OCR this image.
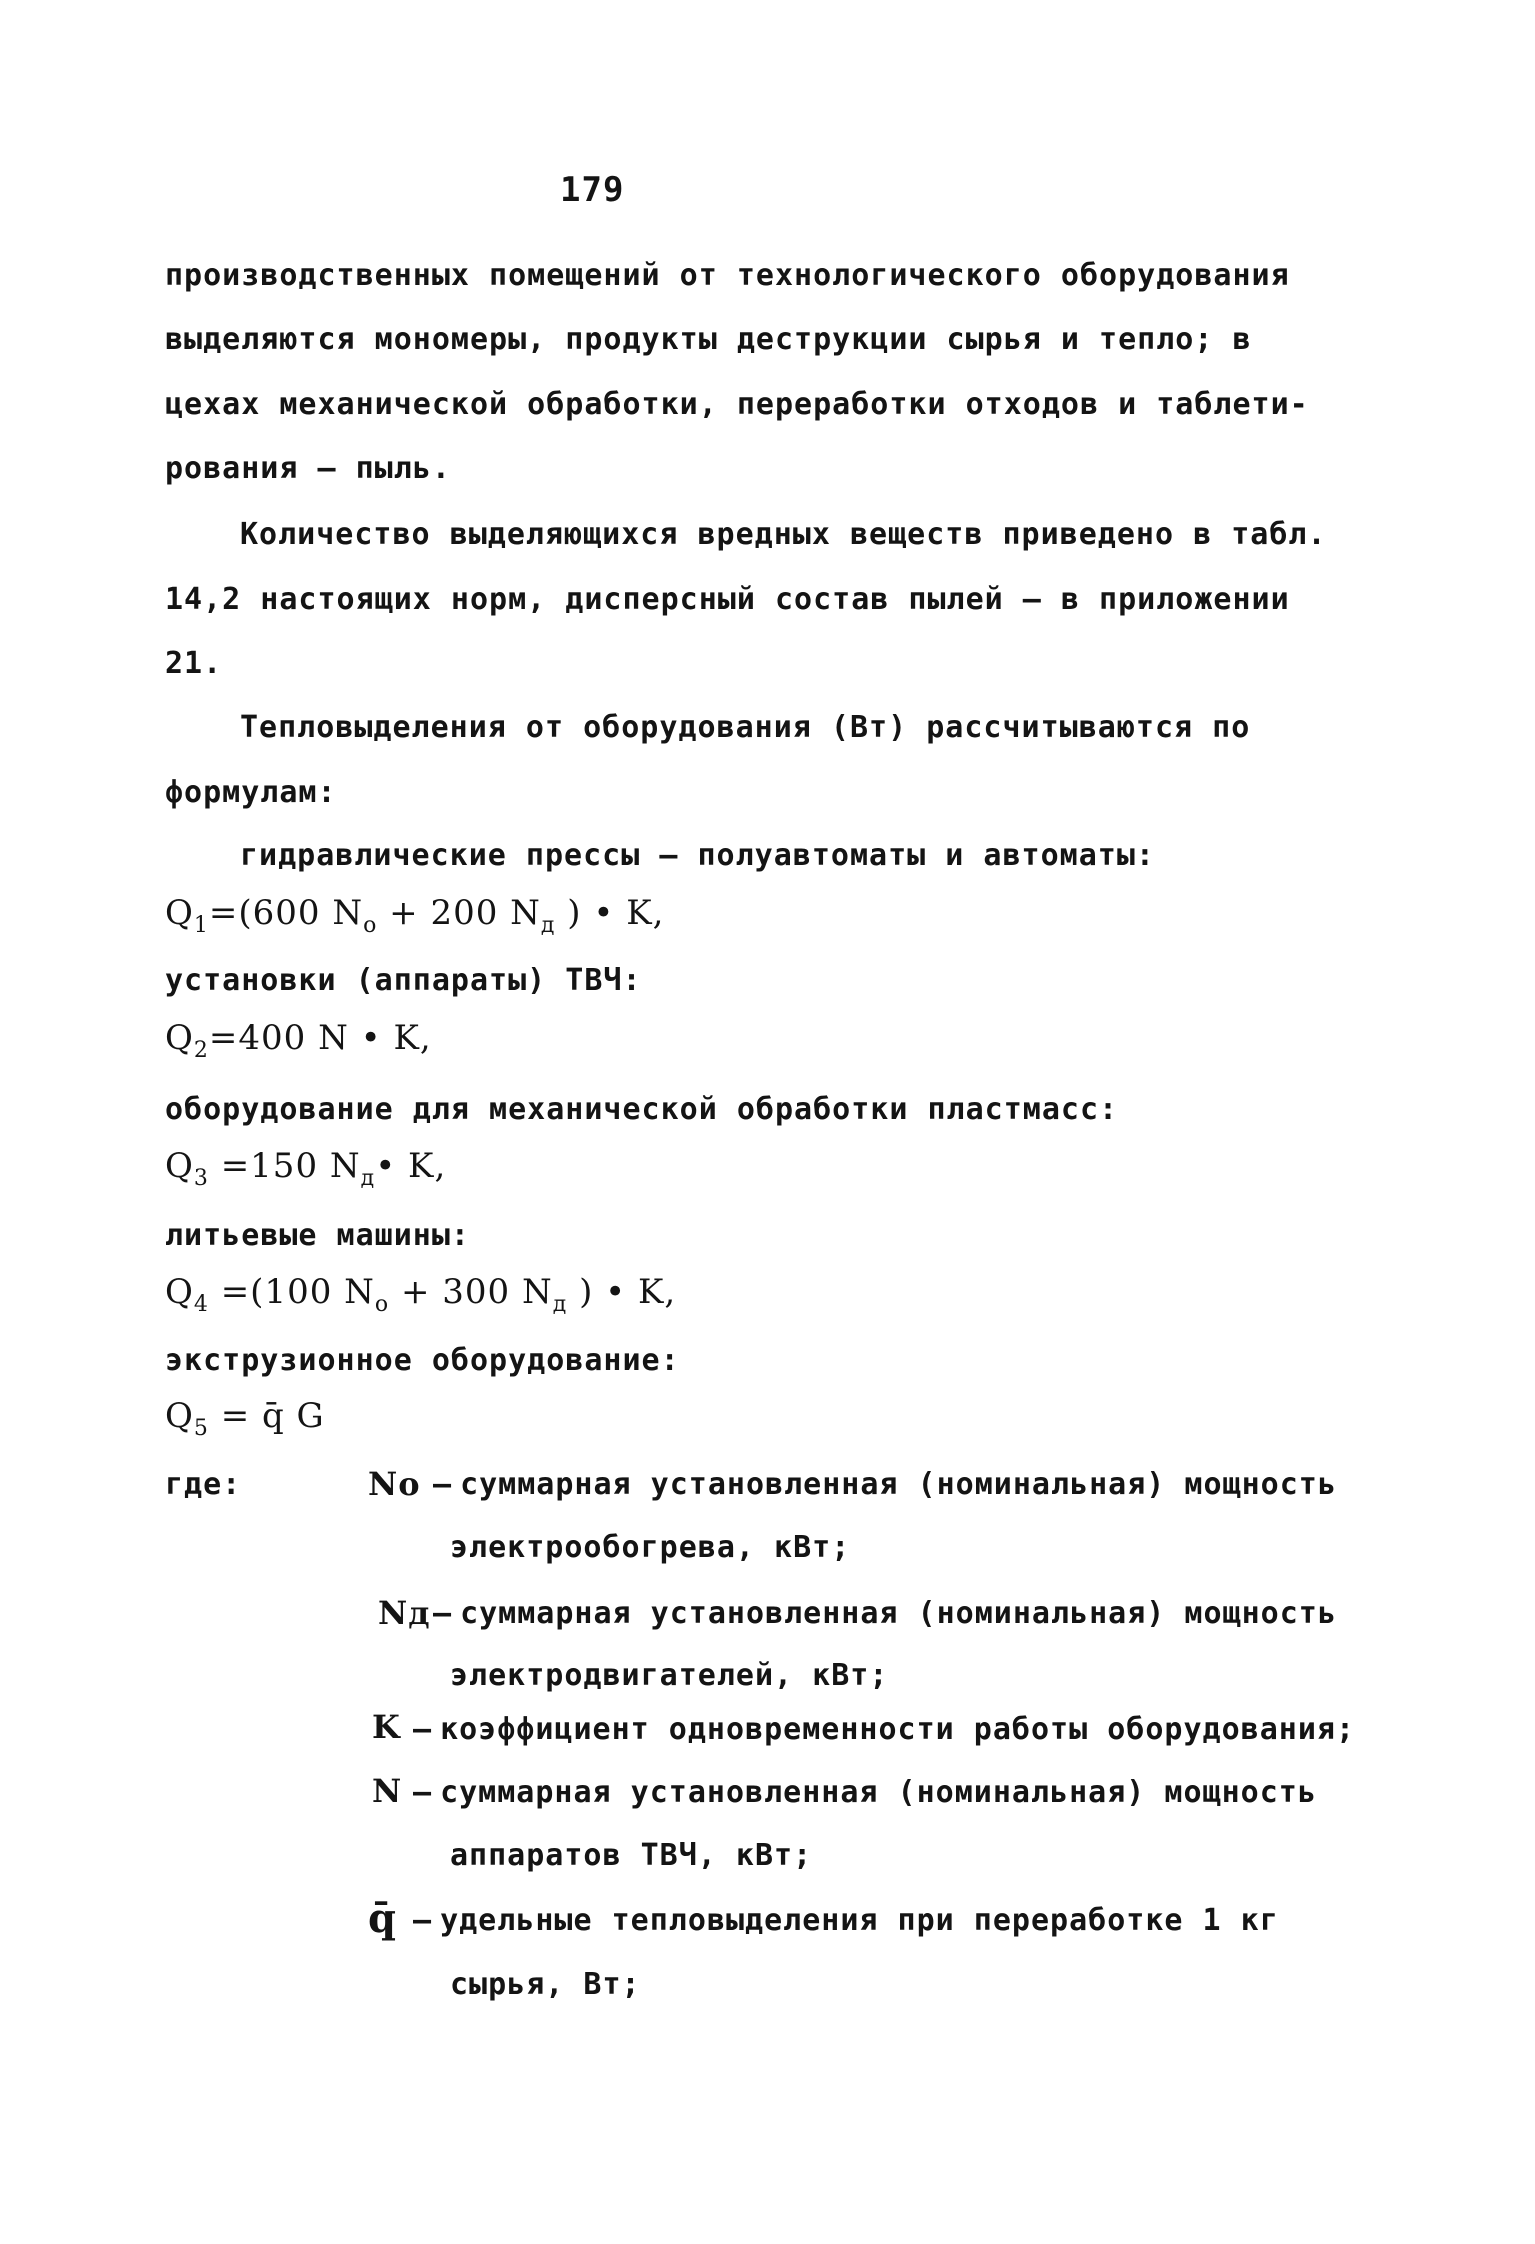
179
производственных помещений от технологического оборудования
выделяются мономеры, продукты деструкции сырья и тепло; в
цехах механической обработки, переработки отходов и таблети-
рования – пыль.
Количество выделяющихся вредных веществ приведено в табл.
14,2 настоящих норм, дисперсный состав пылей – в приложении
21.
Тепловыделения от оборудования (Вт) рассчитываются по
формулам:
гидравлические прессы – полуавтоматы и автоматы:
$Q_1=(600$ $N_o + 200$ $N_д$ ) • K,
установки (аппараты) ТВЧ:
$Q_2=400$ N • K,
оборудование для механической обработки пластмасс:
$Q_3 =150$ $N_д•$ K,
литьевые машины:
$Q_4 =(100$ $N_o + 300$ $N_д$ ) • K,
экструзионное оборудование:
$Q_5$ = q̄ G
где:	Nо – суммарная установленная (номинальная) мощность
электрообогрева, кВт;
Nд – суммарная установленная (номинальная) мощность
электродвигателей, кВт;
K – коэффициент одновременности работы оборудования;
N – суммарная установленная (номинальная) мощность
аппаратов ТВЧ, кВт;
q̄ – удельные тепловыделения при переработке 1 кг
сырья, Вт;
